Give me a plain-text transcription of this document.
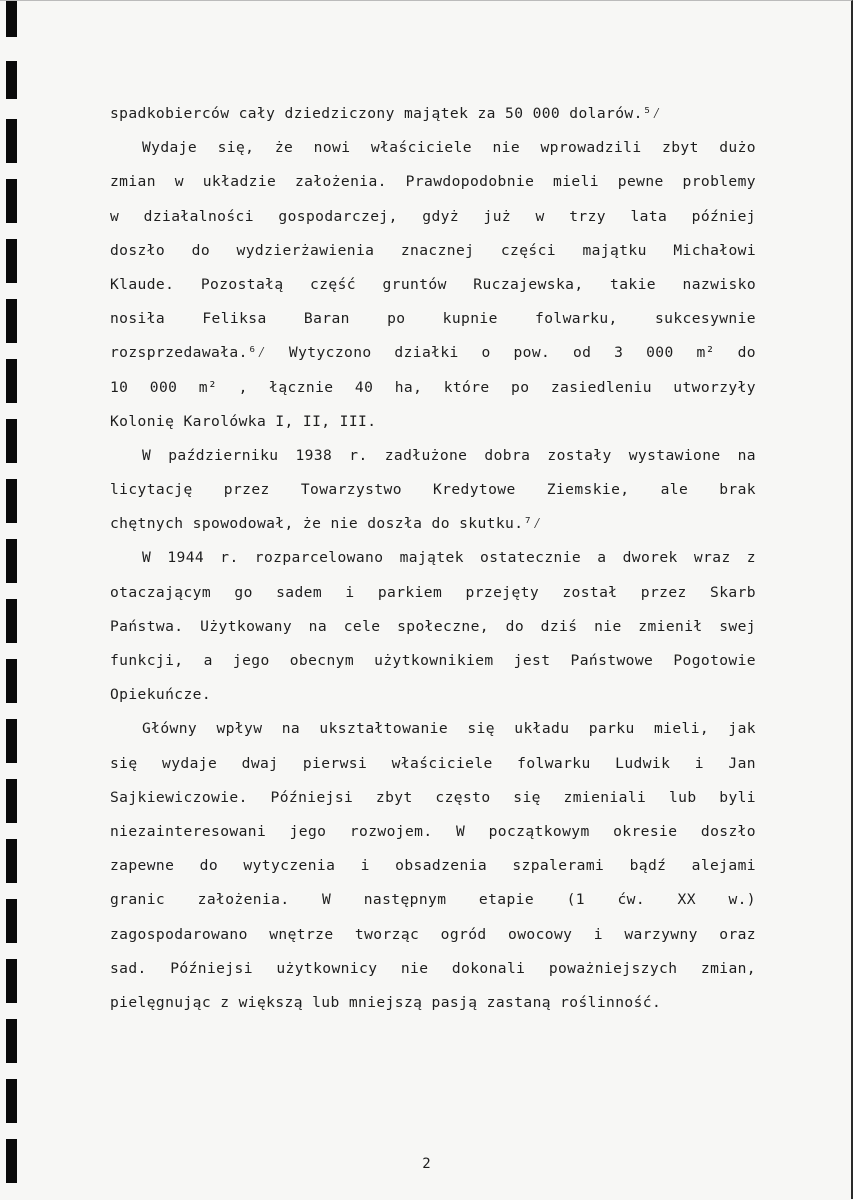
spadkobierców cały dziedziczony majątek za 50 000 dolarów.⁵⁄
Wydaje się, że nowi właściciele nie wprowadzili zbyt dużo
zmian w układzie założenia. Prawdopodobnie mieli pewne problemy
w działalności gospodarczej, gdyż już w trzy lata później
doszło do wydzierżawienia znacznej części majątku Michałowi
Klaude. Pozostałą część gruntów Ruczajewska, takie nazwisko
nosiła Feliksa Baran po kupnie folwarku, sukcesywnie
rozsprzedawała.⁶⁄ Wytyczono działki o pow. od 3 000 m² do
10 000 m² , łącznie 40 ha, które po zasiedleniu utworzyły
Kolonię Karolówka I, II, III.
W październiku 1938 r. zadłużone dobra zostały wystawione na
licytację przez Towarzystwo Kredytowe Ziemskie, ale brak
chętnych spowodował, że nie doszła do skutku.⁷⁄
W 1944 r. rozparcelowano majątek ostatecznie a dworek wraz z
otaczającym go sadem i parkiem przejęty został przez Skarb
Państwa. Użytkowany na cele społeczne, do dziś nie zmienił swej
funkcji, a jego obecnym użytkownikiem jest Państwowe Pogotowie
Opiekuńcze.
Główny wpływ na ukształtowanie się układu parku mieli, jak
się wydaje dwaj pierwsi właściciele folwarku Ludwik i Jan
Sajkiewiczowie. Późniejsi zbyt często się zmieniali lub byli
niezainteresowani jego rozwojem. W początkowym okresie doszło
zapewne do wytyczenia i obsadzenia szpalerami bądź alejami
granic założenia. W następnym etapie (1 ćw. XX w.)
zagospodarowano wnętrze tworząc ogród owocowy i warzywny oraz
sad. Późniejsi użytkownicy nie dokonali poważniejszych zmian,
pielęgnując z większą lub mniejszą pasją zastaną roślinność.
2
